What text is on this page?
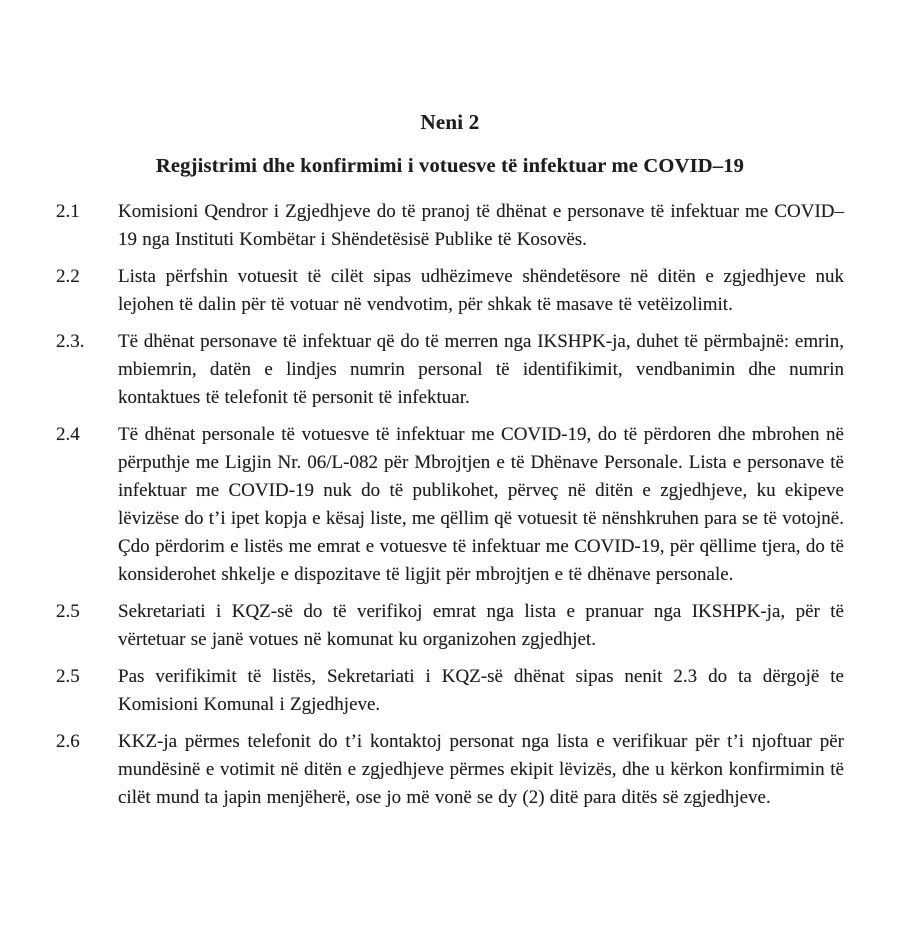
Neni 2
Regjistrimi dhe konfirmimi i votuesve të infektuar me COVID–19
2.1	Komisioni Qendror i Zgjedhjeve do të pranoj të dhënat e personave të infektuar me COVID–19 nga Instituti Kombëtar i Shëndetësisë Publike të Kosovës.
2.2	Lista përfshin votuesit të cilët sipas udhëzimeve shëndetësore në ditën e zgjedhjeve nuk lejohen të dalin për të votuar në vendvotim, për shkak të masave të vetëizolimit.
2.3.	Të dhënat personave të infektuar që do të merren nga IKSHPK-ja, duhet të përmbajnë: emrin, mbiemrin, datën e lindjes numrin personal të identifikimit, vendbanimin dhe numrin kontaktues të telefonit të personit të infektuar.
2.4	Të dhënat personale të votuesve të infektuar me COVID-19, do të përdoren dhe mbrohen në përputhje me Ligjin Nr. 06/L-082 për Mbrojtjen e të Dhënave Personale. Lista e personave të infektuar me COVID-19 nuk do të publikohet, përveç në ditën e zgjedhjeve, ku ekipeve lëvizëse do t’i ipet kopja e kësaj liste, me qëllim që votuesit të nënshkruhen para se të votojnë. Çdo përdorim e listës me emrat e votuesve të infektuar me COVID-19, për qëllime tjera, do të konsiderohet shkelje e dispozitave të ligjit për mbrojtjen e të dhënave personale.
2.5	Sekretariati i KQZ-së do të verifikoj emrat nga lista e pranuar nga IKSHPK-ja, për të vërtetuar se janë votues në komunat ku organizohen zgjedhjet.
2.5	Pas verifikimit të listës, Sekretariati i KQZ-së dhënat sipas nenit 2.3 do ta dërgojë te Komisioni Komunal i Zgjedhjeve.
2.6	KKZ-ja përmes telefonit do t’i kontaktoj personat nga lista e verifikuar për t’i njoftuar për mundësinë e votimit në ditën e zgjedhjeve përmes ekipit lëvizës, dhe u kërkon konfirmimin të cilët mund ta japin menjëherë, ose jo më vonë se dy (2) ditë para ditës së zgjedhjeve.
